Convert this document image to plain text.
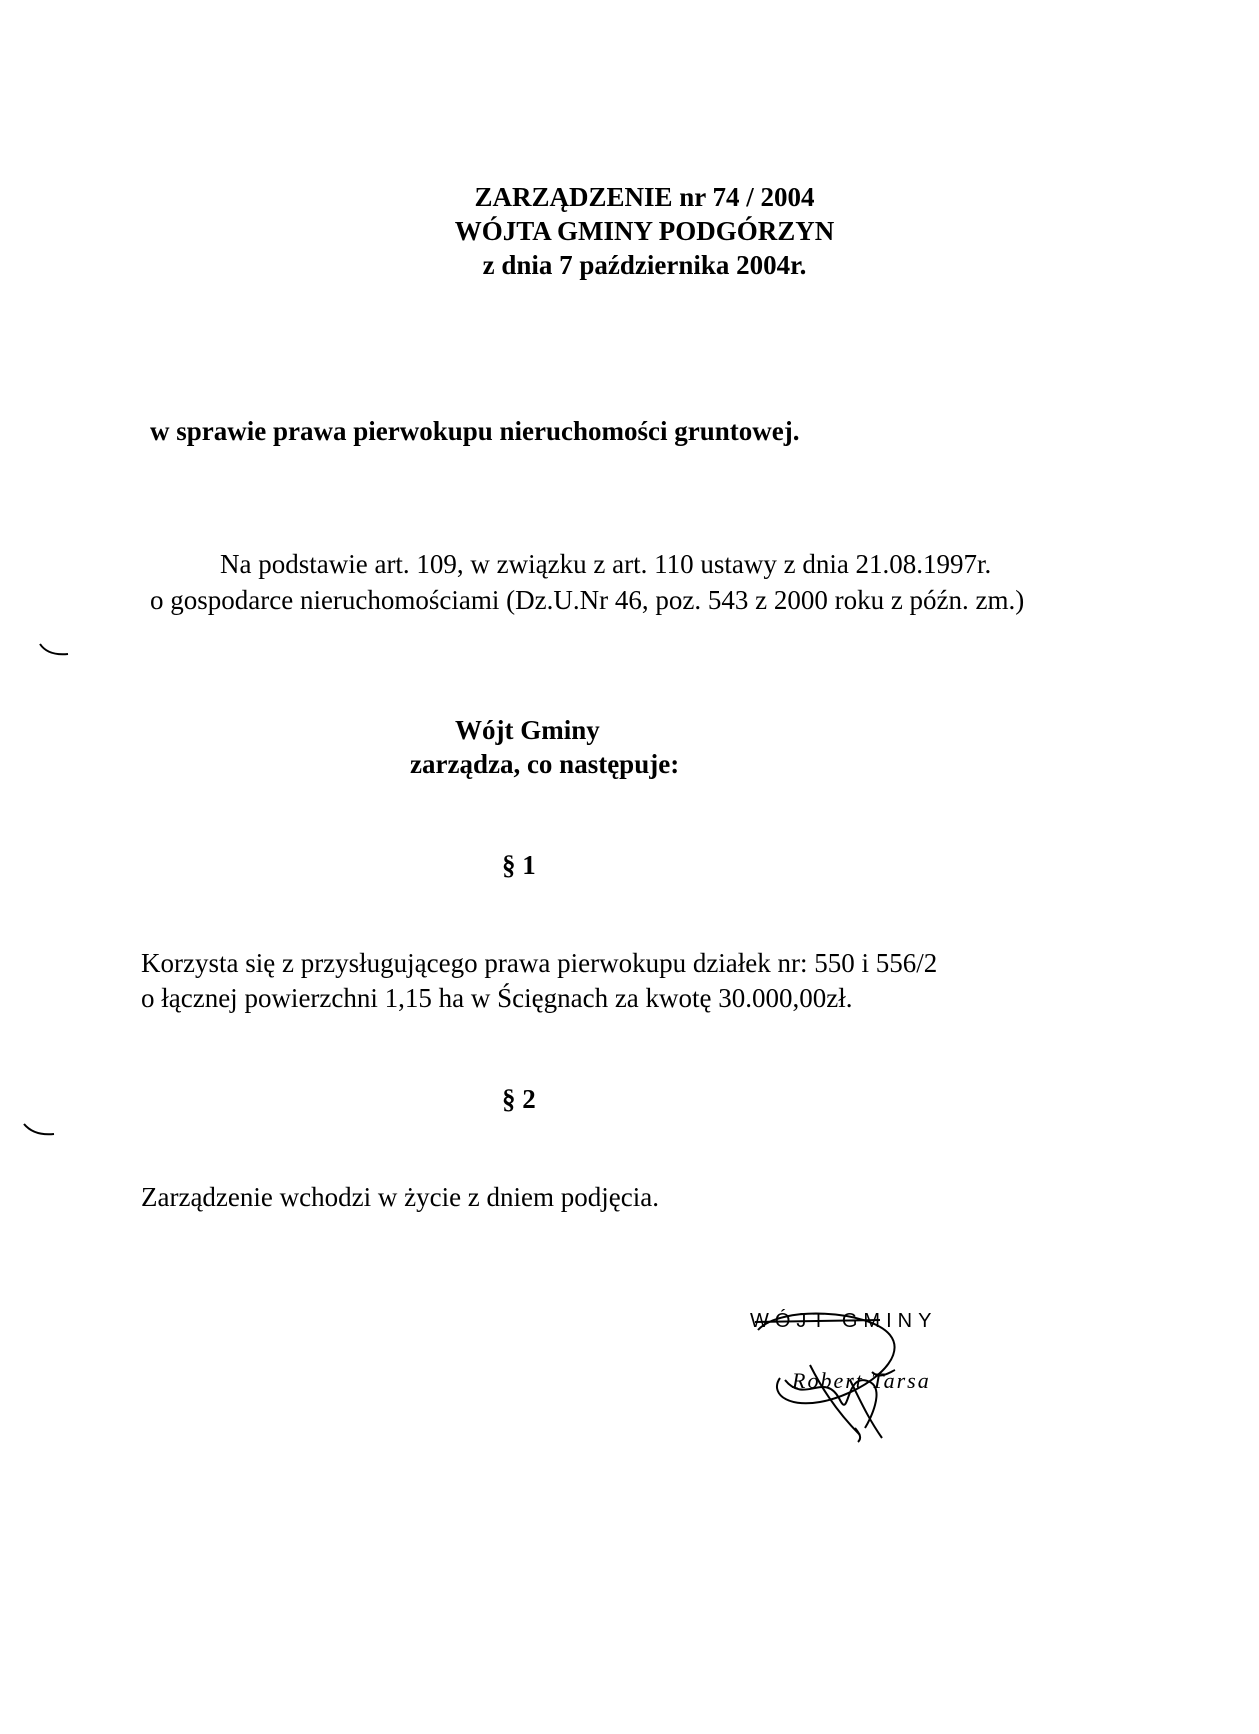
ZARZĄDZENIE nr 74 / 2004
WÓJTA GMINY PODGÓRZYN
z dnia 7 października 2004r.
w sprawie prawa pierwokupu nieruchomości gruntowej.
Na podstawie art. 109, w związku z art. 110 ustawy z dnia 21.08.1997r.
o gospodarce nieruchomościami (Dz.U.Nr 46, poz. 543 z 2000 roku z późn. zm.)
Wójt Gminy
zarządza, co następuje:
§ 1
Korzysta się z przysługującego prawa pierwokupu działek nr: 550 i 556/2
o łącznej powierzchni 1,15 ha w Ścięgnach za kwotę 30.000,00zł.
§ 2
Zarządzenie wchodzi w życie z dniem podjęcia.
WÓJT GMINY
Robert Tarsa
